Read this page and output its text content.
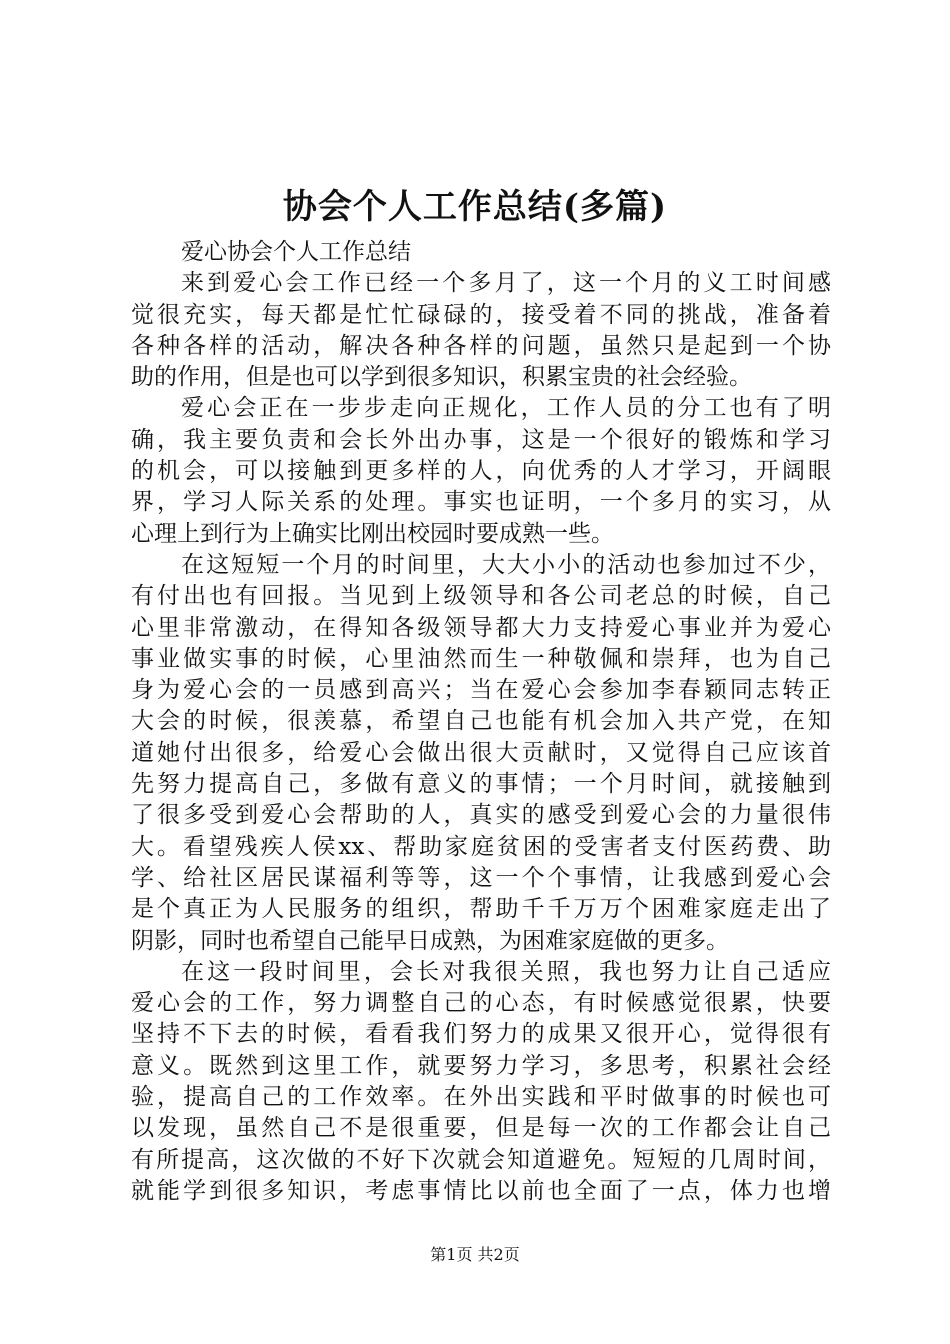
协会个人工作总结(多篇)
爱心协会个人工作总结
来到爱心会工作已经一个多月了，这一个月的义工时间感
觉很充实，每天都是忙忙碌碌的，接受着不同的挑战，准备着
各种各样的活动，解决各种各样的问题，虽然只是起到一个协
助的作用，但是也可以学到很多知识，积累宝贵的社会经验。
爱心会正在一步步走向正规化，工作人员的分工也有了明
确，我主要负责和会长外出办事，这是一个很好的锻炼和学习
的机会，可以接触到更多样的人，向优秀的人才学习，开阔眼
界，学习人际关系的处理。事实也证明，一个多月的实习，从
心理上到行为上确实比刚出校园时要成熟一些。
在这短短一个月的时间里，大大小小的活动也参加过不少，
有付出也有回报。当见到上级领导和各公司老总的时候，自己
心里非常激动，在得知各级领导都大力支持爱心事业并为爱心
事业做实事的时候，心里油然而生一种敬佩和崇拜，也为自己
身为爱心会的一员感到高兴；当在爱心会参加李春颖同志转正
大会的时候，很羡慕，希望自己也能有机会加入共产党，在知
道她付出很多，给爱心会做出很大贡献时，又觉得自己应该首
先努力提高自己，多做有意义的事情；一个月时间，就接触到
了很多受到爱心会帮助的人，真实的感受到爱心会的力量很伟
大。看望残疾人侯xx、帮助家庭贫困的受害者支付医药费、助
学、给社区居民谋福利等等，这一个个事情，让我感到爱心会
是个真正为人民服务的组织，帮助千千万万个困难家庭走出了
阴影，同时也希望自己能早日成熟，为困难家庭做的更多。
在这一段时间里，会长对我很关照，我也努力让自己适应
爱心会的工作，努力调整自己的心态，有时候感觉很累，快要
坚持不下去的时候，看看我们努力的成果又很开心，觉得很有
意义。既然到这里工作，就要努力学习，多思考，积累社会经
验，提高自己的工作效率。在外出实践和平时做事的时候也可
以发现，虽然自己不是很重要，但是每一次的工作都会让自己
有所提高，这次做的不好下次就会知道避免。短短的几周时间，
就能学到很多知识，考虑事情比以前也全面了一点，体力也增
第1页 共2页
